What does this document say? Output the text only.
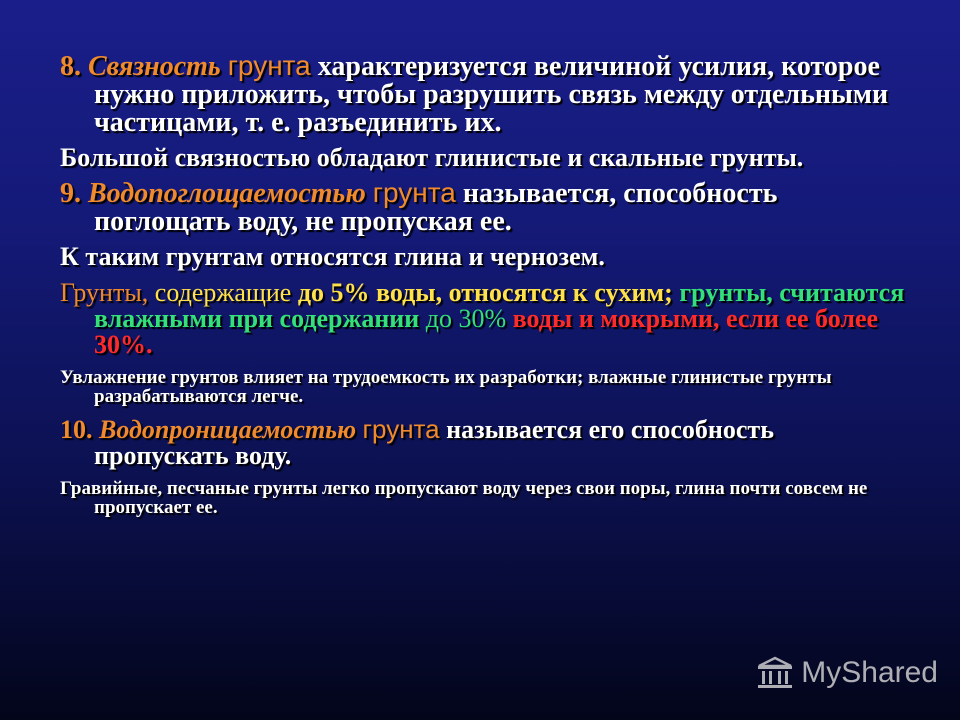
8. Связность грунта характеризуется величиной усилия, которое нужно приложить, чтобы разрушить связь между отдельными частицами, т. е. разъединить их.

Большой связностью обладают глинистые и скальные грунты.

9. Водопоглощаемостью грунта называется, способность поглощать воду, не пропуская ее.

К таким грунтам относятся глина и чернозем.

Грунты, содержащие до 5% воды, относятся к сухим; грунты, считаются влажными при содержании до 30% воды и мокрыми, если ее более 30%.

Увлажнение грунтов влияет на трудоемкость их разработки; влажные глинистые грунты разрабатываются легче.

10. Водопроницаемостью грунта называется его способность пропускать воду.

Гравийные, песчаные грунты легко пропускают воду через свои поры, глина почти совсем не пропускает ее.

MyShared
